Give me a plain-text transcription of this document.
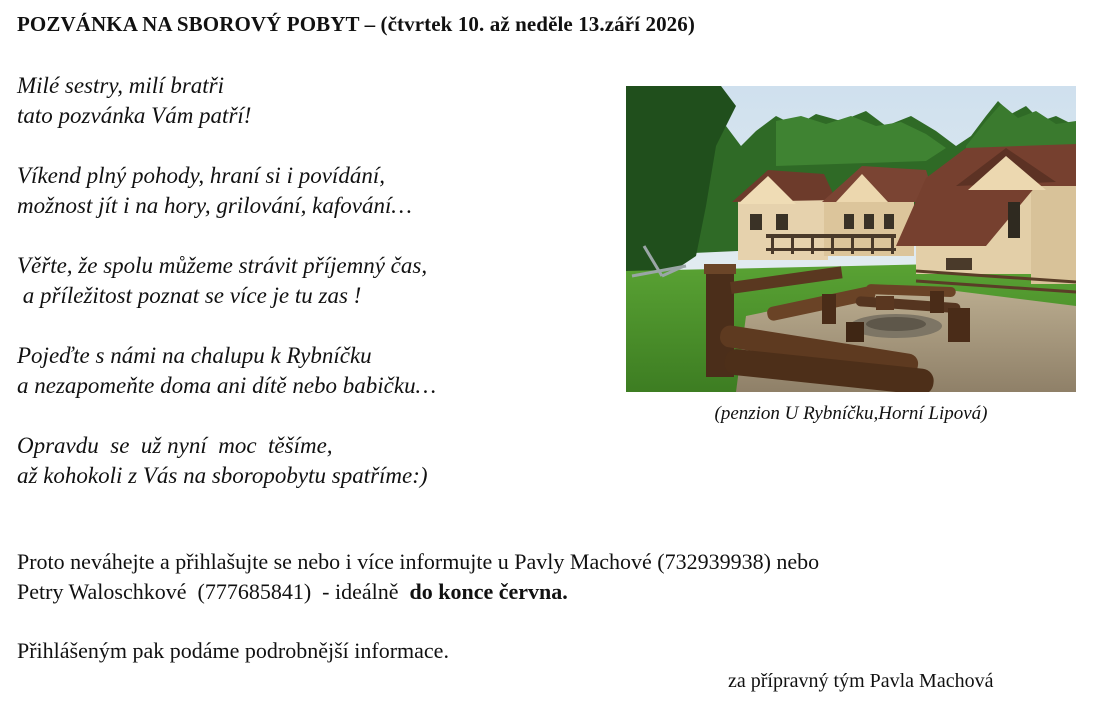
POZVÁNKA NA SBOROVÝ POBYT – (čtvrtek 10. až neděle 13.září 2026)
Milé sestry, milí bratři
tato pozvánka Vám patří!
Víkend plný pohody, hraní si i povídání,
možnost jít i na hory, grilování, kafování…
Věřte, že spolu můžeme strávit příjemný čas,
a příležitost poznat se více je tu zas !
Pojeďte s námi na chalupu k Rybníčku
a nezapomeňte doma ani dítě nebo babičku…
Opravdu  se  už nyní  moc  těšíme,
až kohokoli z Vás na sboropobytu spatříme:)
(penzion U Rybníčku,Horní Lipová)
Proto neváhejte a přihlašujte se nebo i více informujte u Pavly Machové (732939938) nebo
Petry Waloschkové  (777685841)  - ideálně  do konce června.
Přihlášeným pak podáme podrobnější informace.
za přípravný tým Pavla Machová
